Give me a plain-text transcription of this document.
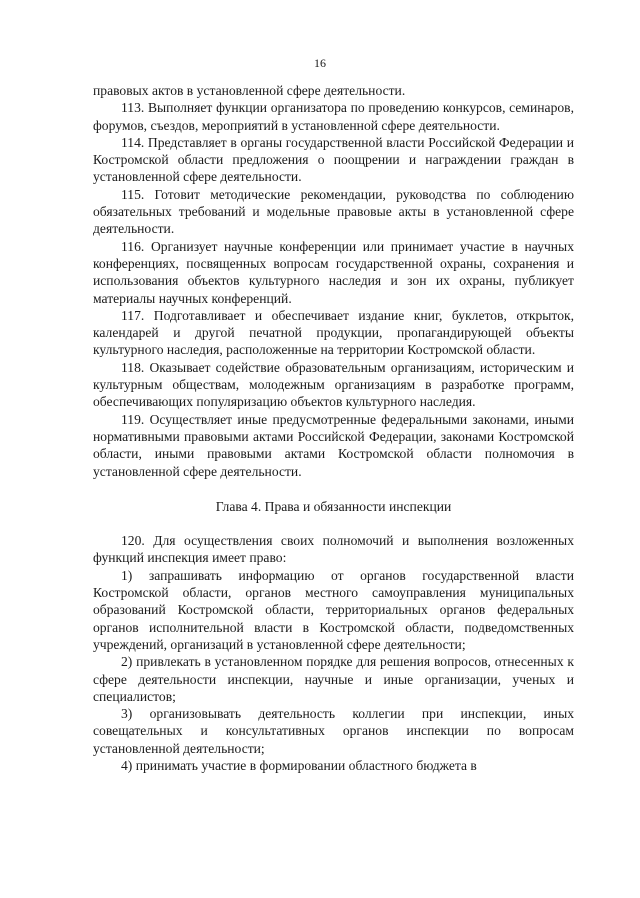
16

правовых актов в установленной сфере деятельности.

113. Выполняет функции организатора по проведению конкурсов, семинаров, форумов, съездов, мероприятий в установленной сфере деятельности.

114. Представляет в органы государственной власти Российской Федерации и Костромской области предложения о поощрении и награждении граждан в установленной сфере деятельности.

115. Готовит методические рекомендации, руководства по соблюдению обязательных требований и модельные правовые акты в установленной сфере деятельности.

116. Организует научные конференции или принимает участие в научных конференциях, посвященных вопросам государственной охраны, сохранения и использования объектов культурного наследия и зон их охраны, публикует материалы научных конференций.

117. Подготавливает и обеспечивает издание книг, буклетов, открыток, календарей и другой печатной продукции, пропагандирующей объекты культурного наследия, расположенные на территории Костромской области.

118. Оказывает содействие образовательным организациям, историческим и культурным обществам, молодежным организациям в разработке программ, обеспечивающих популяризацию объектов культурного наследия.

119. Осуществляет иные предусмотренные федеральными законами, иными нормативными правовыми актами Российской Федерации, законами Костромской области, иными правовыми актами Костромской области полномочия в установленной сфере деятельности.

Глава 4. Права и обязанности инспекции

120. Для осуществления своих полномочий и выполнения возложенных функций инспекция имеет право:

1) запрашивать информацию от органов государственной власти Костромской области, органов местного самоуправления муниципальных образований Костромской области, территориальных органов федеральных органов исполнительной власти в Костромской области, подведомственных учреждений, организаций в установленной сфере деятельности;

2) привлекать в установленном порядке для решения вопросов, отнесенных к сфере деятельности инспекции, научные и иные организации, ученых и специалистов;

3) организовывать деятельность коллегии при инспекции, иных совещательных и консультативных органов инспекции по вопросам установленной деятельности;

4) принимать участие в формировании областного бюджета в
